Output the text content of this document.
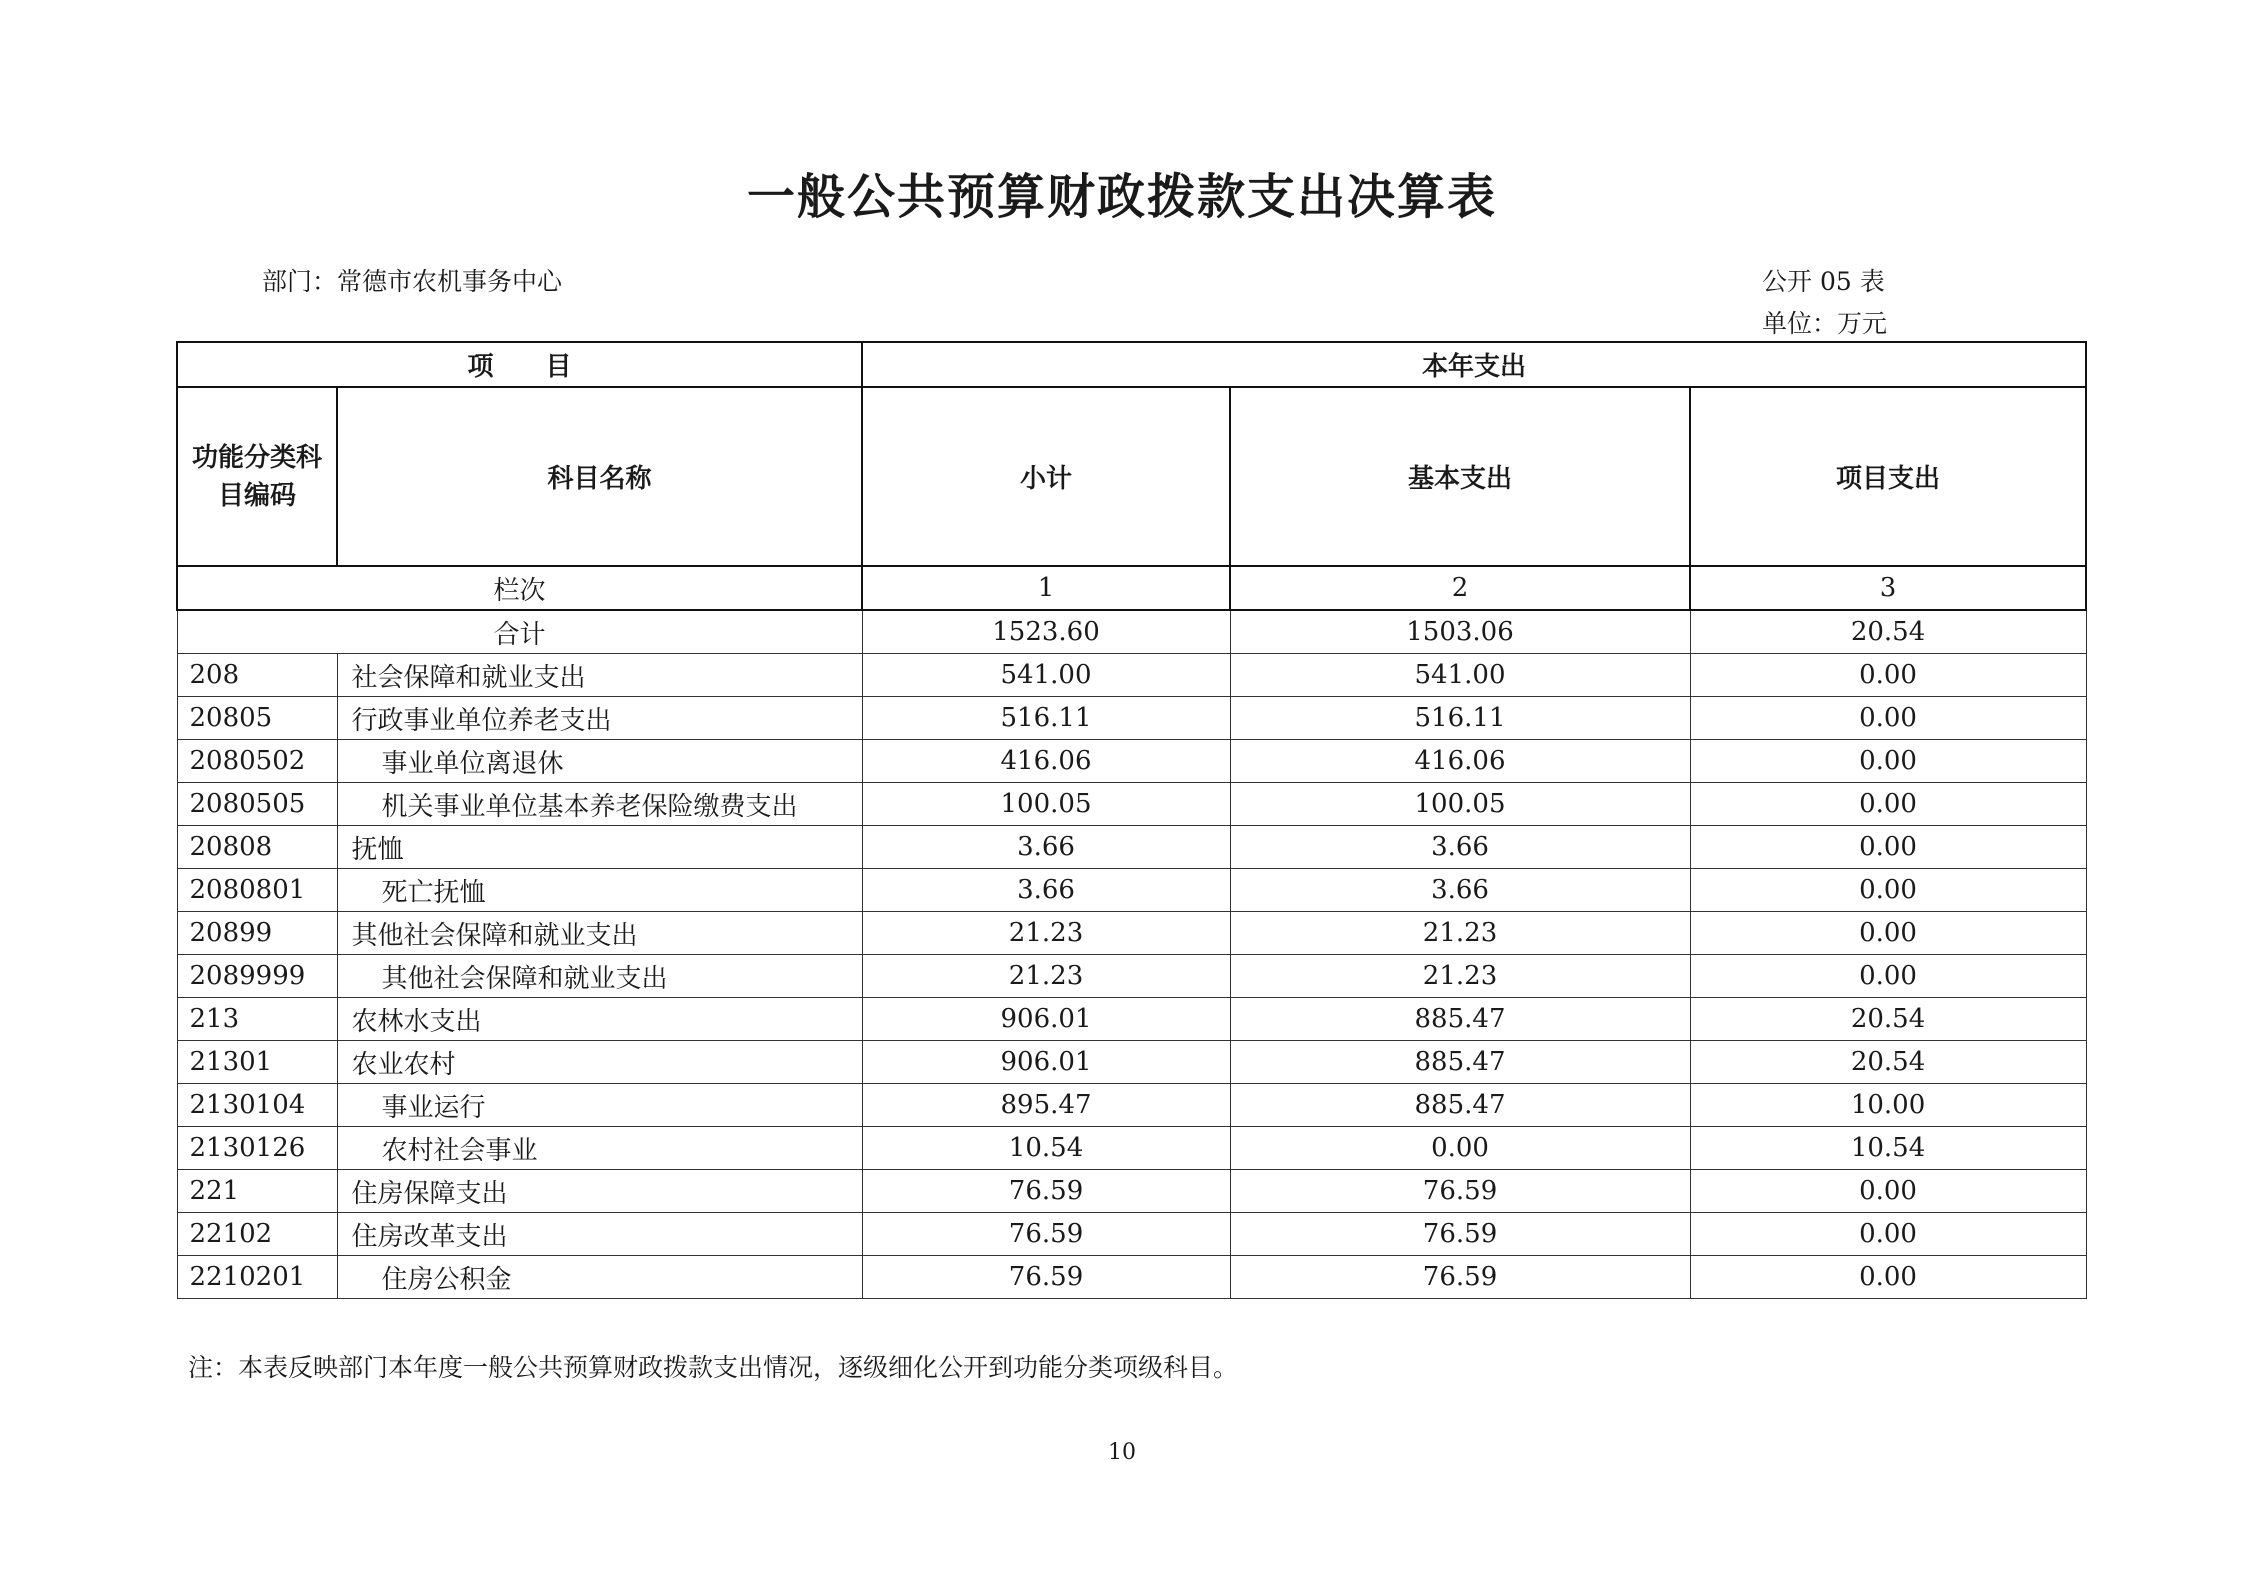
一般公共预算财政拨款支出决算表
部门：常德市农机事务中心	公开 05 表
单位：万元
项　　目		本年支出		
功能分类科目编码	科目名称	小计	基本支出	项目支出
栏次		1	2	3
合计		1523.60	1503.06	20.54
208	社会保障和就业支出	541.00	541.00	0.00
20805	行政事业单位养老支出	516.11	516.11	0.00
2080502	事业单位离退休	416.06	416.06	0.00
2080505	机关事业单位基本养老保险缴费支出	100.05	100.05	0.00
20808	抚恤	3.66	3.66	0.00
2080801	死亡抚恤	3.66	3.66	0.00
20899	其他社会保障和就业支出	21.23	21.23	0.00
2089999	其他社会保障和就业支出	21.23	21.23	0.00
213	农林水支出	906.01	885.47	20.54
21301	农业农村	906.01	885.47	20.54
2130104	事业运行	895.47	885.47	10.00
2130126	农村社会事业	10.54	0.00	10.54
221	住房保障支出	76.59	76.59	0.00
22102	住房改革支出	76.59	76.59	0.00
2210201	住房公积金	76.59	76.59	0.00
注：本表反映部门本年度一般公共预算财政拨款支出情况，逐级细化公开到功能分类项级科目。
10
